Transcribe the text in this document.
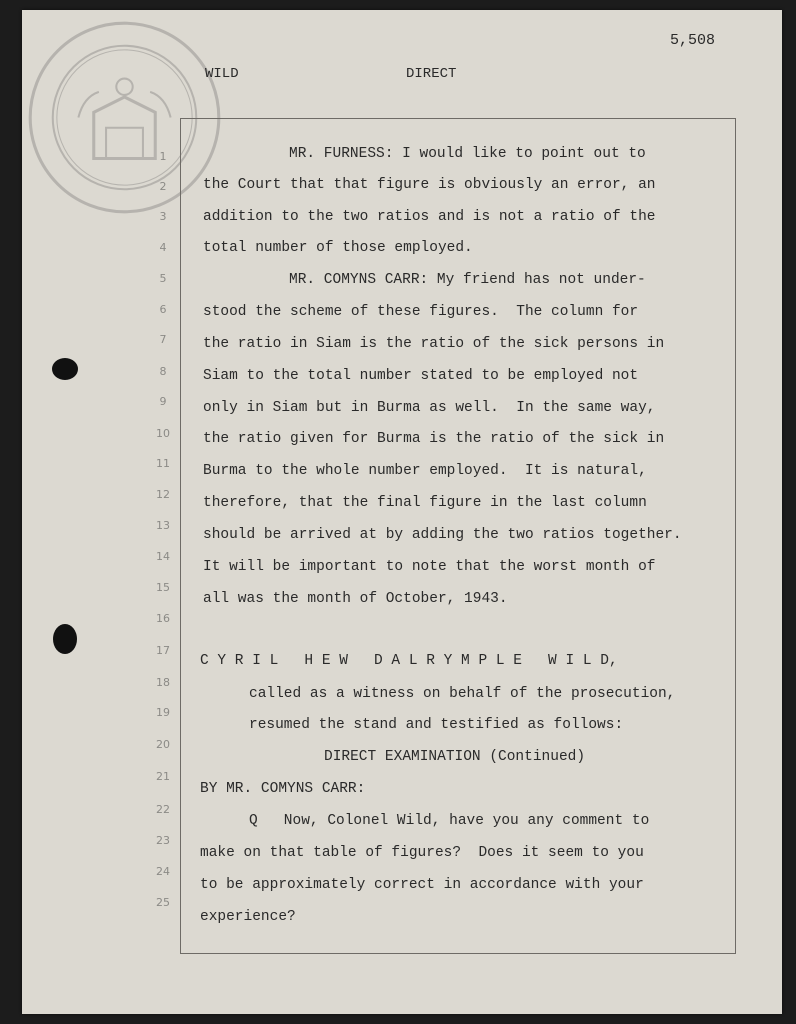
5,508
WILD	DIRECT
1
2
3
4
5
6
7
8
9
10
11
12
13
14
15
16
17
18
19
20
21
22
23
24
25
MR. FURNESS: I would like to point out to
the Court that that figure is obviously an error, an
addition to the two ratios and is not a ratio of the
total number of those employed.
MR. COMYNS CARR: My friend has not under-
stood the scheme of these figures.  The column for
the ratio in Siam is the ratio of the sick persons in
Siam to the total number stated to be employed not
only in Siam but in Burma as well.  In the same way,
the ratio given for Burma is the ratio of the sick in
Burma to the whole number employed.  It is natural,
therefore, that the final figure in the last column
should be arrived at by adding the two ratios together.
It will be important to note that the worst month of
all was the month of October, 1943.
C Y R I L   H E W   D A L R Y M P L E   W I L D,
called as a witness on behalf of the prosecution,
resumed the stand and testified as follows:
DIRECT EXAMINATION (Continued)
BY MR. COMYNS CARR:
Q   Now, Colonel Wild, have you any comment to
make on that table of figures?  Does it seem to you
to be approximately correct in accordance with your
experience?
